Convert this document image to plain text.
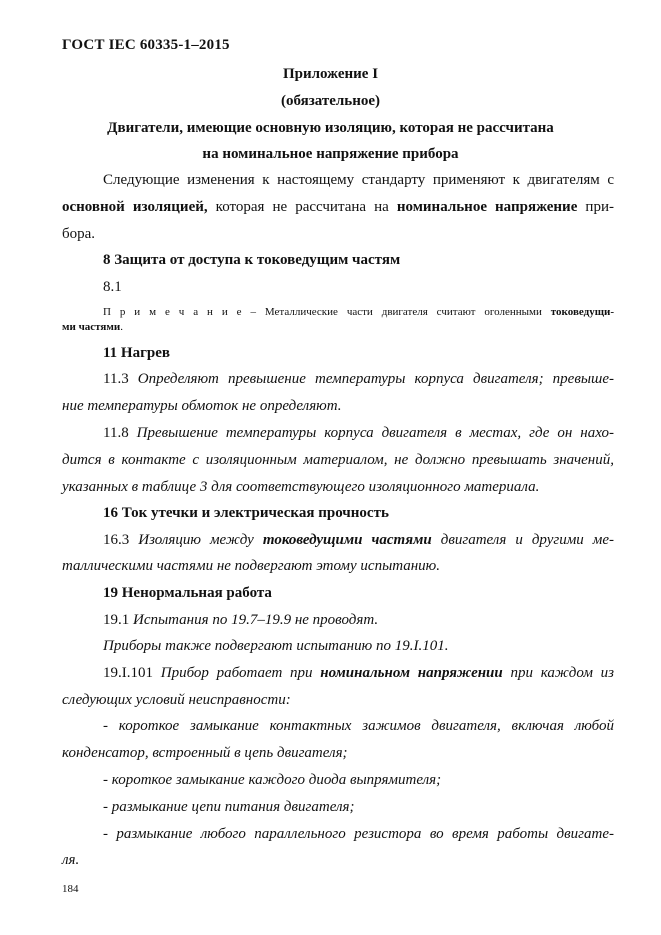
ГОСТ IEC 60335-1–2015
Приложение I
(обязательное)
Двигатели, имеющие основную изоляцию, которая не рассчитана
на номинальное напряжение прибора
Следующие изменения к настоящему стандарту применяют к двигателям с
основной изоляцией, которая не рассчитана на номинальное напряжение при-
бора.
8 Защита от доступа к токоведущим частям
8.1
П р и м е ч а н и е – Металлические части двигателя считают оголенными токоведущи-
ми частями.
11 Нагрев
11.3 Определяют превышение температуры корпуса двигателя; превыше-
ние температуры обмоток не определяют.
11.8 Превышение температуры корпуса двигателя в местах, где он нахо-
дится в контакте с изоляционным материалом, не должно превышать значений,
указанных в таблице 3 для соответствующего изоляционного материала.
16 Ток утечки и электрическая прочность
16.3 Изоляцию между токоведущими частями двигателя и другими ме-
таллическими частями не подвергают этому испытанию.
19 Ненормальная работа
19.1 Испытания по 19.7–19.9 не проводят.
Приборы также подвергают испытанию по 19.I.101.
19.I.101 Прибор работает при номинальном напряжении при каждом из
следующих условий неисправности:
- короткое замыкание контактных зажимов двигателя, включая любой
конденсатор, встроенный в цепь двигателя;
- короткое замыкание каждого диода выпрямителя;
- размыкание цепи питания двигателя;
- размыкание любого параллельного резистора во время работы двигате-
ля.
184
